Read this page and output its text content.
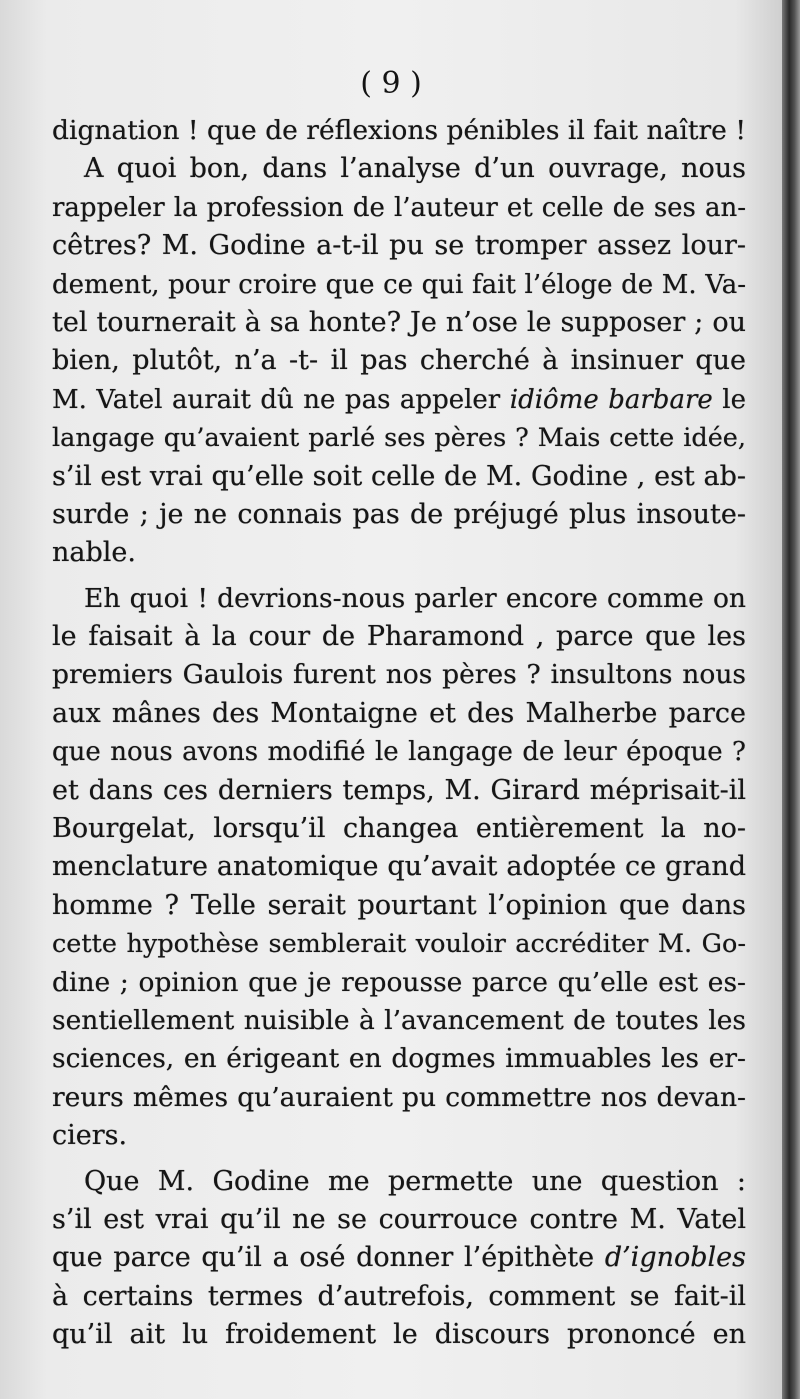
( 9 )
dignation ! que de réflexions pénibles il fait naître !
A quoi bon, dans l’analyse d’un ouvrage, nous
rappeler la profession de l’auteur et celle de ses an-
cêtres? M. Godine a-t-il pu se tromper assez lour-
dement, pour croire que ce qui fait l’éloge de M. Va-
tel tournerait à sa honte? Je n’ose le supposer ; ou
bien, plutôt, n’a -t- il pas cherché à insinuer que
M. Vatel aurait dû ne pas appeler idiôme barbare le
langage qu’avaient parlé ses pères ? Mais cette idée,
s’il est vrai qu’elle soit celle de M. Godine , est ab-
surde ; je ne connais pas de préjugé plus insoute-
nable.
Eh quoi ! devrions-nous parler encore comme on
le faisait à la cour de Pharamond , parce que les
premiers Gaulois furent nos pères ? insultons nous
aux mânes des Montaigne et des Malherbe parce
que nous avons modifié le langage de leur époque ?
et dans ces derniers temps, M. Girard méprisait-il
Bourgelat, lorsqu’il changea entièrement la no-
menclature anatomique qu’avait adoptée ce grand
homme ? Telle serait pourtant l’opinion que dans
cette hypothèse semblerait vouloir accréditer M. Go-
dine ; opinion que je repousse parce qu’elle est es-
sentiellement nuisible à l’avancement de toutes les
sciences, en érigeant en dogmes immuables les er-
reurs mêmes qu’auraient pu commettre nos devan-
ciers.
Que M. Godine me permette une question :
s’il est vrai qu’il ne se courrouce contre M. Vatel
que parce qu’il a osé donner l’épithète d’ignobles
à certains termes d’autrefois, comment se fait-il
qu’il ait lu froidement le discours prononcé en
